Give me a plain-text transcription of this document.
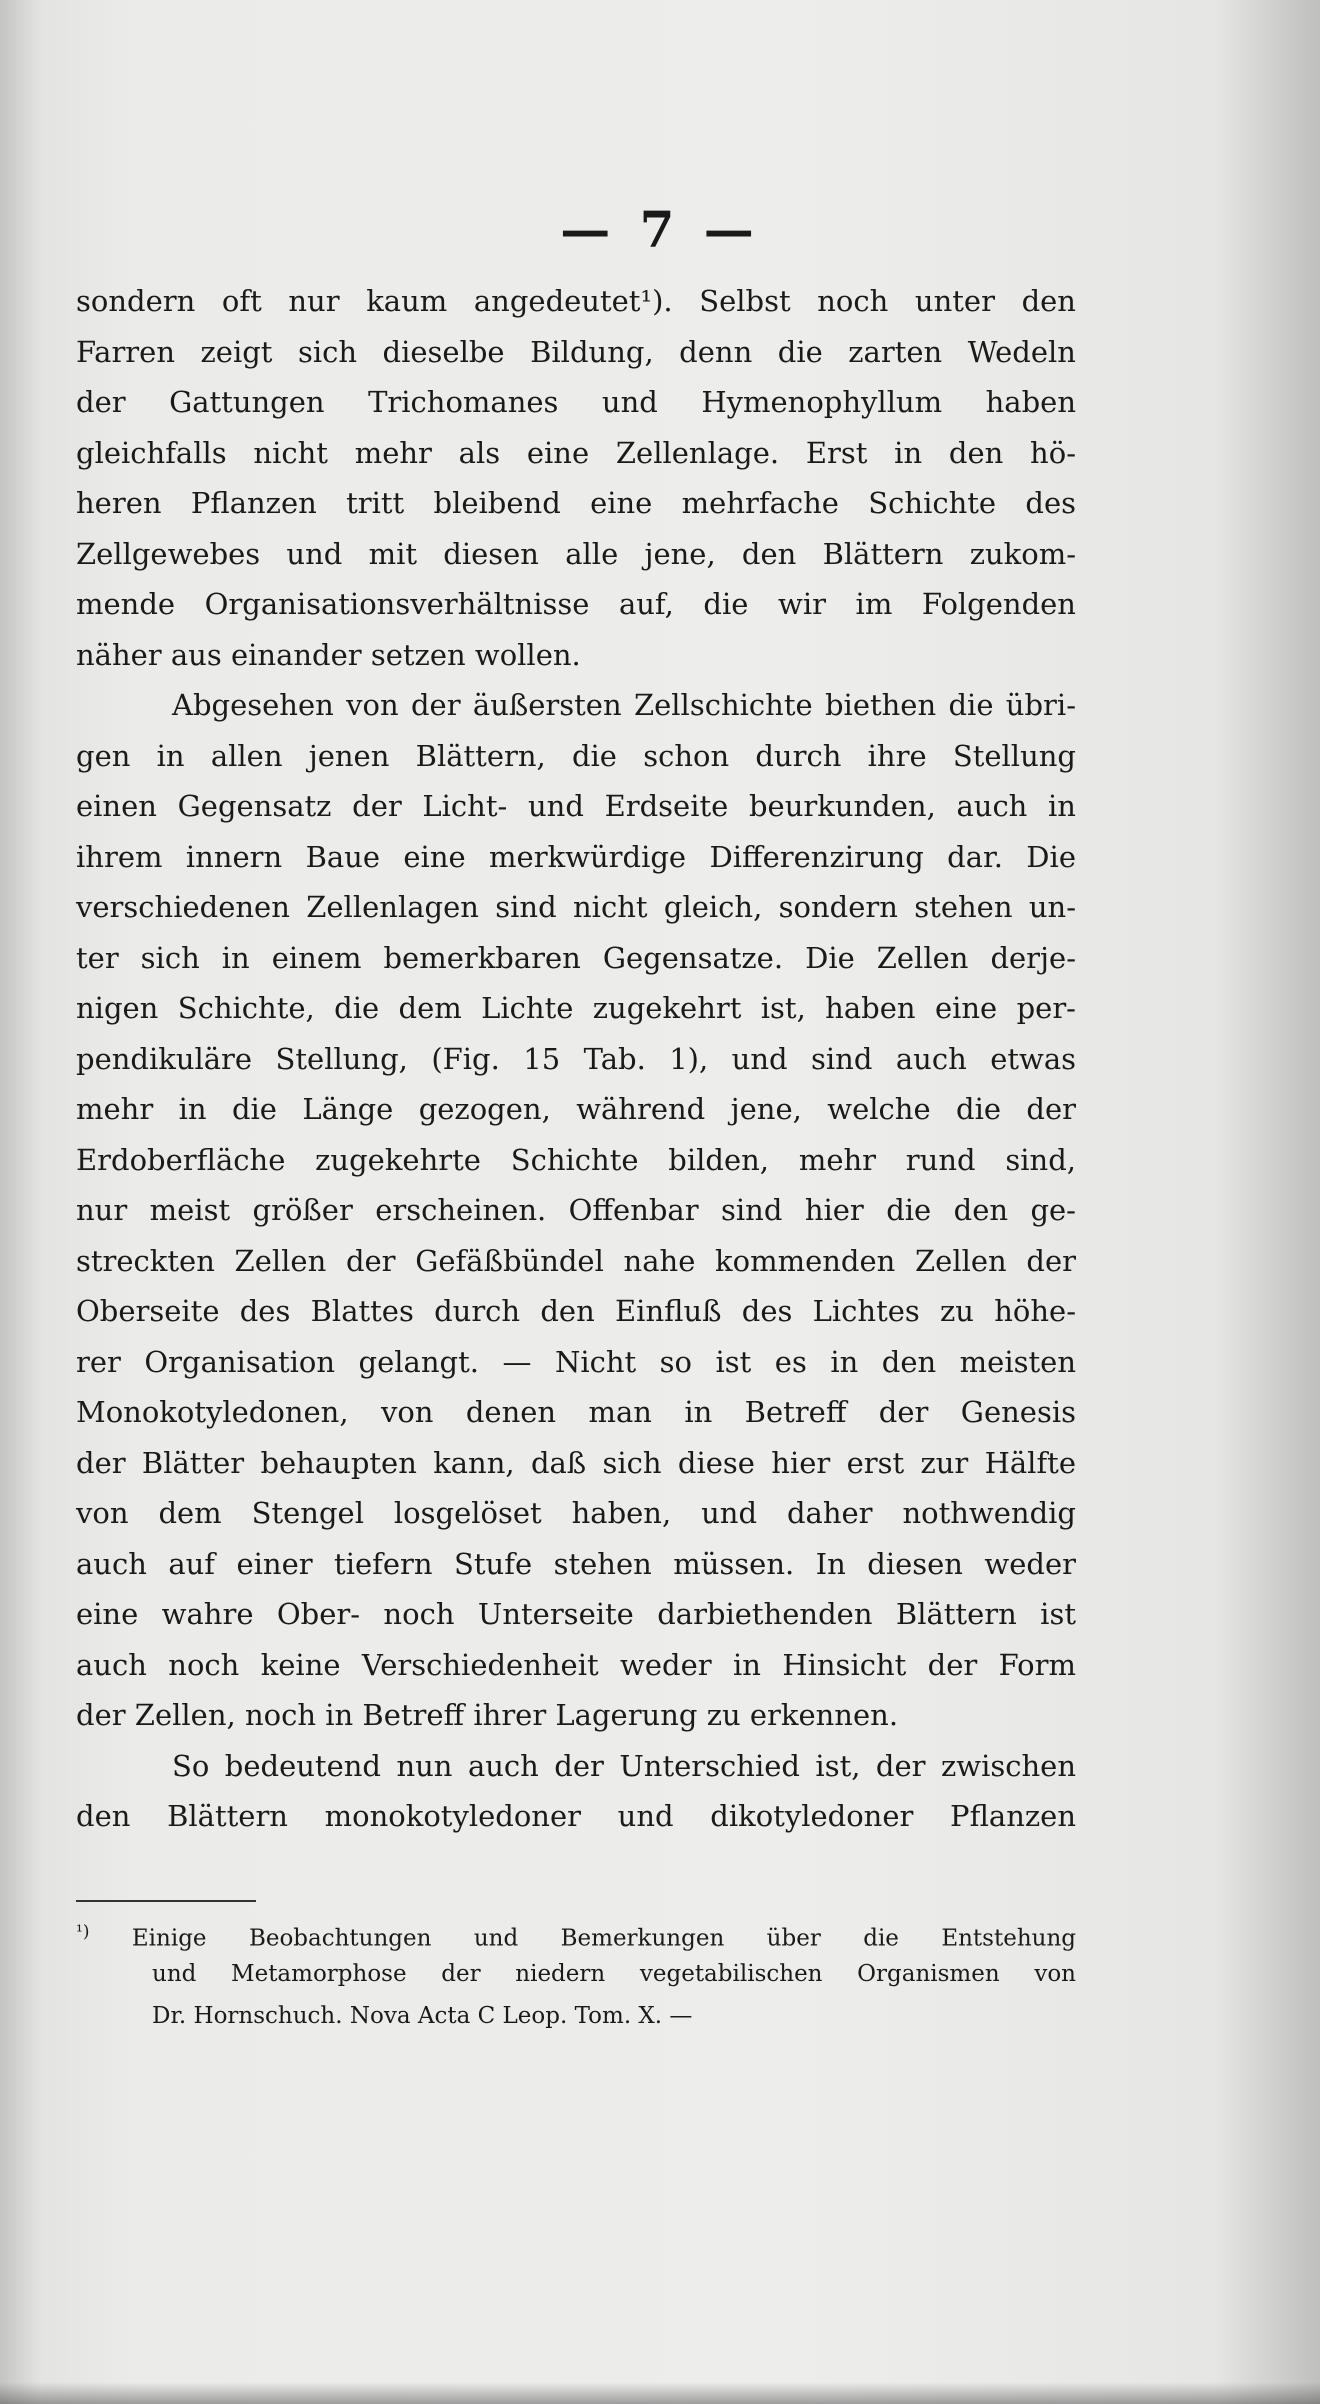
— 7 —
sondern oft nur kaum angedeutet¹). Selbst noch unter den
Farren zeigt sich dieselbe Bildung, denn die zarten Wedeln
der Gattungen Trichomanes und Hymenophyllum haben
gleichfalls nicht mehr als eine Zellenlage. Erst in den hö-
heren Pflanzen tritt bleibend eine mehrfache Schichte des
Zellgewebes und mit diesen alle jene, den Blättern zukom-
mende Organisationsverhältnisse auf, die wir im Folgenden
näher aus einander setzen wollen.
Abgesehen von der äußersten Zellschichte biethen die übri-
gen in allen jenen Blättern, die schon durch ihre Stellung
einen Gegensatz der Licht- und Erdseite beurkunden, auch in
ihrem innern Baue eine merkwürdige Differenzirung dar. Die
verschiedenen Zellenlagen sind nicht gleich, sondern stehen un-
ter sich in einem bemerkbaren Gegensatze. Die Zellen derje-
nigen Schichte, die dem Lichte zugekehrt ist, haben eine per-
pendikuläre Stellung, (Fig. 15 Tab. 1), und sind auch etwas
mehr in die Länge gezogen, während jene, welche die der
Erdoberfläche zugekehrte Schichte bilden, mehr rund sind,
nur meist größer erscheinen. Offenbar sind hier die den ge-
streckten Zellen der Gefäßbündel nahe kommenden Zellen der
Oberseite des Blattes durch den Einfluß des Lichtes zu höhe-
rer Organisation gelangt. — Nicht so ist es in den meisten
Monokotyledonen, von denen man in Betreff der Genesis
der Blätter behaupten kann, daß sich diese hier erst zur Hälfte
von dem Stengel losgelöset haben, und daher nothwendig
auch auf einer tiefern Stufe stehen müssen. In diesen weder
eine wahre Ober- noch Unterseite darbiethenden Blättern ist
auch noch keine Verschiedenheit weder in Hinsicht der Form
der Zellen, noch in Betreff ihrer Lagerung zu erkennen.
So bedeutend nun auch der Unterschied ist, der zwischen
den Blättern monokotyledoner und dikotyledoner Pflanzen
$^{^1)}$ Einige Beobachtungen und Bemerkungen über die Entstehung
und Metamorphose der niedern vegetabilischen Organismen von
Dr. Hornschuch. Nova Acta C Leop. Tom. X. —
